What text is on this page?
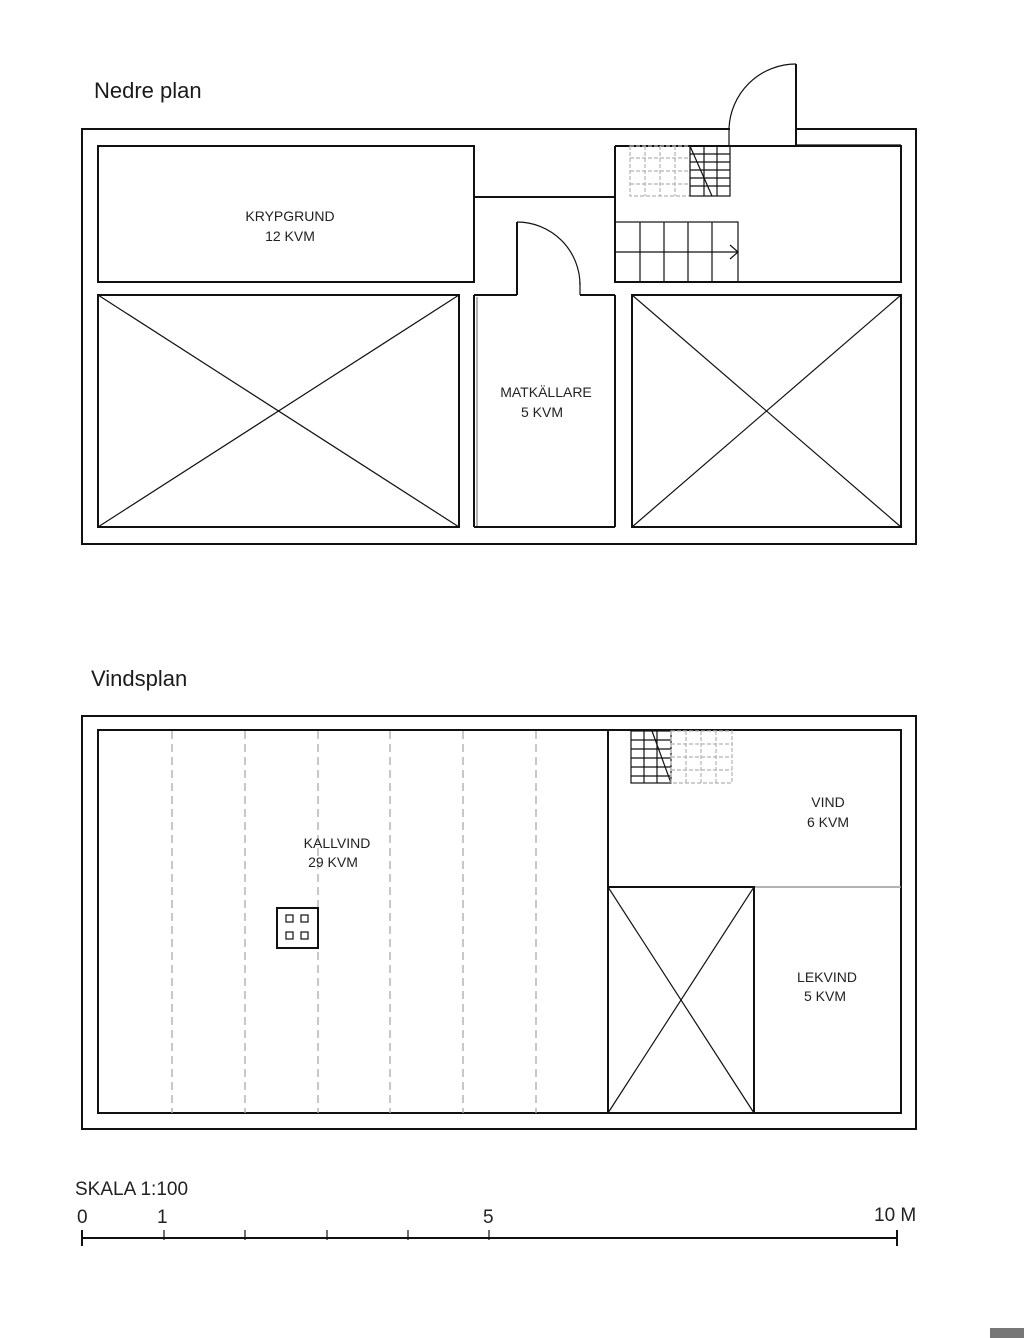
Nedre plan
Vindsplan
KRYPGRUND
12 KVM
MATKÄLLARE
5 KVM
KALLVIND
29 KVM
VIND
6 KVM
LEKVIND
5 KVM
SKALA 1:100
0	1	5	10 M
